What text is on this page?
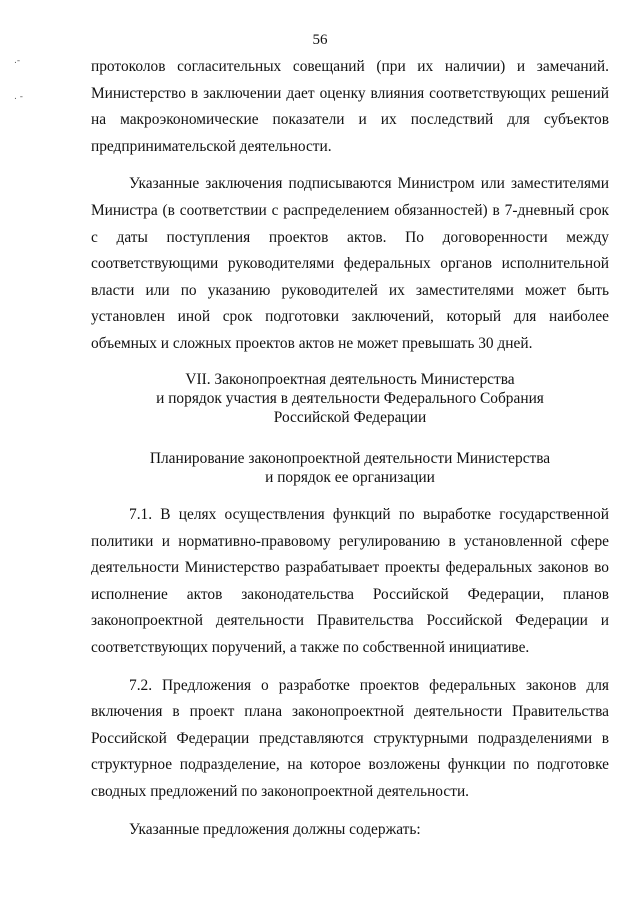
.-
. -
56

протоколов согласительных совещаний (при их наличии) и замечаний. Министерство в заключении дает оценку влияния соответствующих решений на макроэкономические показатели и их последствий для субъектов предпринимательской деятельности.

Указанные заключения подписываются Министром или заместителями Министра (в соответствии с распределением обязанностей) в 7-дневный срок с даты поступления проектов актов. По договоренности между соответствующими руководителями федеральных органов исполнительной власти или по указанию руководителей их заместителями может быть установлен иной срок подготовки заключений, который для наиболее объемных и сложных проектов актов не может превышать 30 дней.

VII. Законопроектная деятельность Министерства
и порядок участия в деятельности Федерального Собрания
Российской Федерации
Планирование законопроектной деятельности Министерства
и порядок ее организации

7.1. В целях осуществления функций по выработке государственной политики и нормативно-правовому регулированию в установленной сфере деятельности Министерство разрабатывает проекты федеральных законов во исполнение актов законодательства Российской Федерации, планов законопроектной деятельности Правительства Российской Федерации и соответствующих поручений, а также по собственной инициативе.

7.2. Предложения о разработке проектов федеральных законов для включения в проект плана законопроектной деятельности Правительства Российской Федерации представляются структурными подразделениями в структурное подразделение, на которое возложены функции по подготовке сводных предложений по законопроектной деятельности.

Указанные предложения должны содержать:
